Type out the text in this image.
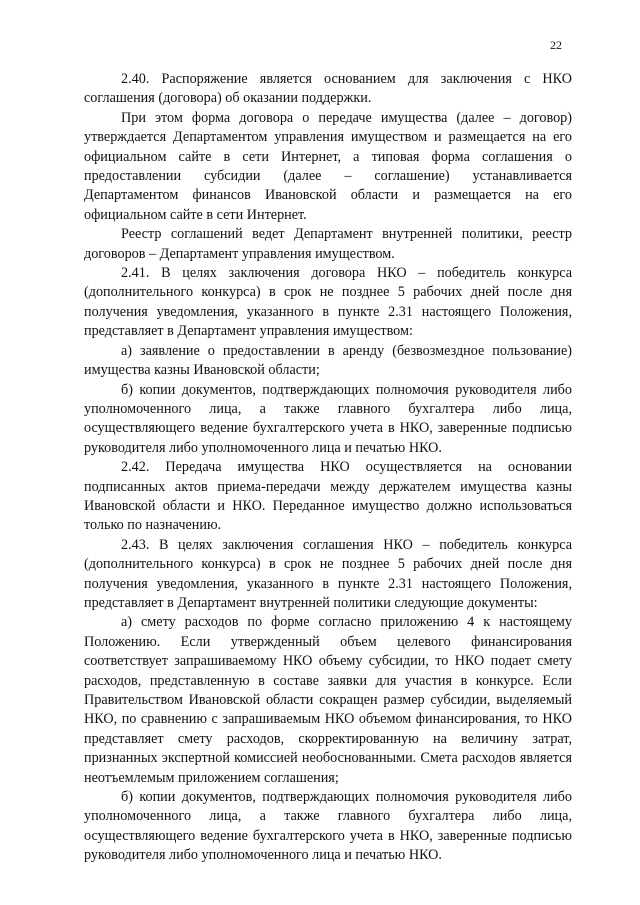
22

2.40. Распоряжение является основанием для заключения с НКО соглашения (договора) об оказании поддержки.

При этом форма договора о передаче имущества (далее – договор) утверждается Департаментом управления имуществом и размещается на его официальном сайте в сети Интернет, а типовая форма соглашения о предоставлении субсидии (далее – соглашение) устанавливается Департаментом финансов Ивановской области и размещается на его официальном сайте в сети Интернет.

Реестр соглашений ведет Департамент внутренней политики, реестр договоров – Департамент управления имуществом.

2.41. В целях заключения договора НКО – победитель конкурса (дополнительного конкурса) в срок не позднее 5 рабочих дней после дня получения уведомления, указанного в пункте 2.31 настоящего Положения, представляет в Департамент управления имуществом:

а) заявление о предоставлении в аренду (безвозмездное пользование) имущества казны Ивановской области;

б) копии документов, подтверждающих полномочия руководителя либо уполномоченного лица, а также главного бухгалтера либо лица, осуществляющего ведение бухгалтерского учета в НКО, заверенные подписью руководителя либо уполномоченного лица и печатью НКО.

2.42. Передача имущества НКО осуществляется на основании подписанных актов приема-передачи между держателем имущества казны Ивановской области и НКО. Переданное имущество должно использоваться только по назначению.

2.43. В целях заключения соглашения НКО – победитель конкурса (дополнительного конкурса) в срок не позднее 5 рабочих дней после дня получения уведомления, указанного в пункте 2.31 настоящего Положения, представляет в Департамент внутренней политики следующие документы:

а) смету расходов по форме согласно приложению 4 к настоящему Положению. Если утвержденный объем целевого финансирования соответствует запрашиваемому НКО объему субсидии, то НКО подает смету расходов, представленную в составе заявки для участия в конкурсе. Если Правительством Ивановской области сокращен размер субсидии, выделяемый НКО, по сравнению с запрашиваемым НКО объемом финансирования, то НКО представляет смету расходов, скорректированную на величину затрат, признанных экспертной комиссией необоснованными. Смета расходов является неотъемлемым приложением соглашения;

б) копии документов, подтверждающих полномочия руководителя либо уполномоченного лица, а также главного бухгалтера либо лица, осуществляющего ведение бухгалтерского учета в НКО, заверенные подписью руководителя либо уполномоченного лица и печатью НКО.
